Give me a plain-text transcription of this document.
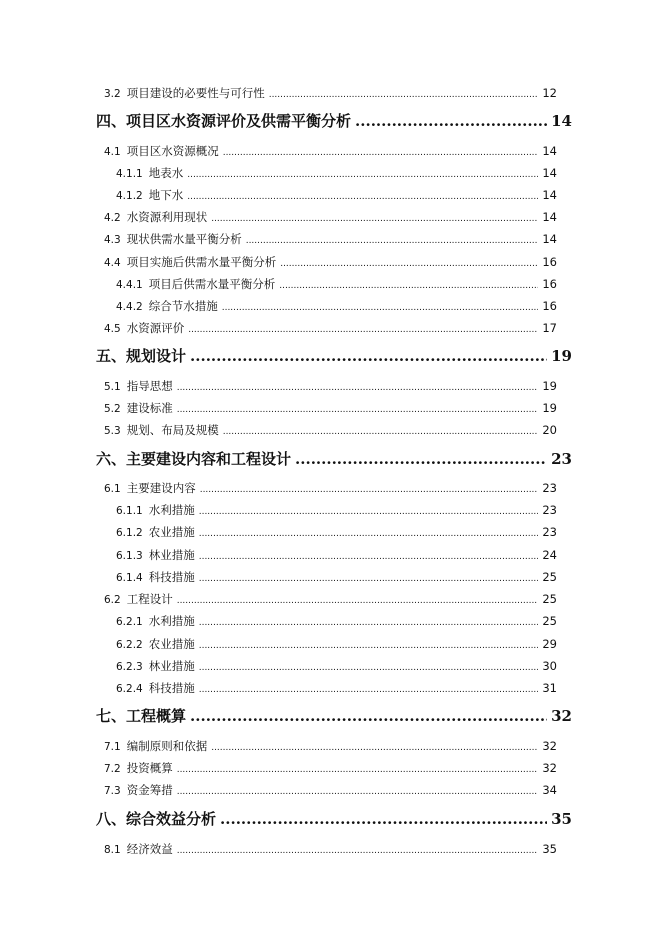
3.2 项目建设的必要性与可行性 .....	12
四、 项目区水资源评价及供需平衡分析 .....	14
4.1 项目区水资源概况 .....	14
4.1.1 地表水 .....	14
4.1.2 地下水 .....	14
4.2 水资源利用现状 .....	14
4.3 现状供需水量平衡分析 .....	14
4.4 项目实施后供需水量平衡分析 .....	16
4.4.1 项目后供需水量平衡分析 .....	16
4.4.2 综合节水措施 .....	16
4.5 水资源评价 .....	17
五、 规划设计 .....	19
5.1 指导思想 .....	19
5.2 建设标准 .....	19
5.3 规划、布局及规模 .....	20
六、 主要建设内容和工程设计 .....	23
6.1 主要建设内容 .....	23
6.1.1 水利措施 .....	23
6.1.2 农业措施 .....	23
6.1.3 林业措施 .....	24
6.1.4 科技措施 .....	25
6.2 工程设计 .....	25
6.2.1 水利措施 .....	25
6.2.2 农业措施 .....	29
6.2.3 林业措施 .....	30
6.2.4 科技措施 .....	31
七、 工程概算 .....	32
7.1 编制原则和依据 .....	32
7.2 投资概算 .....	32
7.3 资金筹措 .....	34
八、 综合效益分析 .....	35
8.1 经济效益 .....	35
